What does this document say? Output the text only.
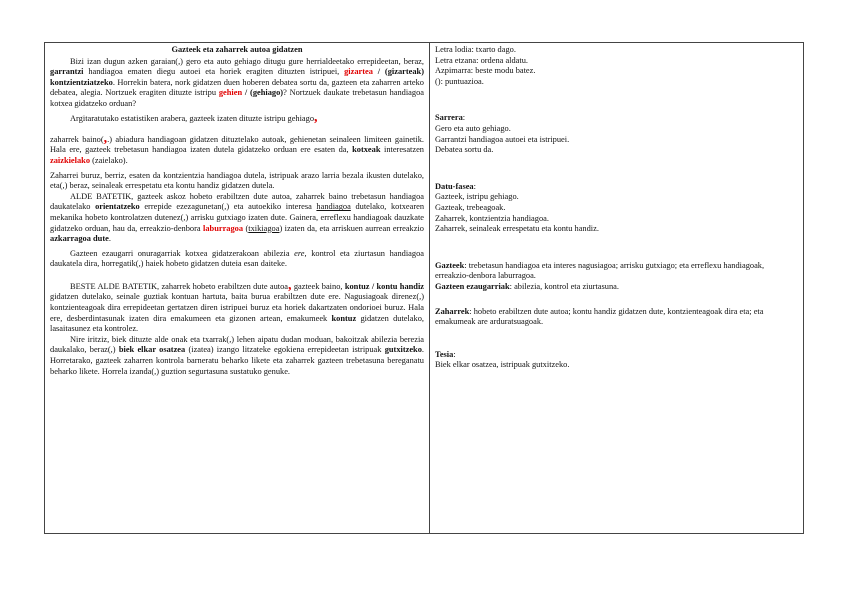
Gazteek eta zaharrek autoa gidatzen

Bizi izan dugun azken garaian(,) gero eta auto gehiago ditugu gure herrialdeetako errepideetan, beraz, garrantzi handiagoa ematen diegu autoei eta horiek eragiten dituzten istripuei, gizartea / (gizarteak) kontzientziatzeko. Horrekin batera, nork gidatzen duen hoberen debatea sortu da, gazteen eta zaharren arteko debatea, alegia. Nortzuek eragiten dituzte istripu gehien / (gehiago)? Nortzuek daukate trebetasun handiagoa kotxea gidatzeko orduan?

Argitaratutako estatistiken arabera, gazteek izaten dituzte istripu gehiago,

zaharrek baino(,.) abiadura handiagoan gidatzen dituztelako autoak, gehienetan seinaleen limiteen gainetik. Hala ere, gazteek trebetasun handiagoa izaten dutela gidatzeko orduan ere esaten da, kotxeak interesatzen zaizkielako (zaielako).

Zaharrei buruz, berriz, esaten da kontzientzia handiagoa dutela, istripuak arazo larria bezala ikusten dutelako, eta(,) beraz, seinaleak errespetatu eta kontu handiz gidatzen dutela.

ALDE BATETIK, gazteek askoz hobeto erabiltzen dute autoa, zaharrek baino trebetasun handiagoa daukatelako orientatzeko errepide ezezagunetan(,) eta autoekiko interesa handiagoa dutelako, kotxearen mekanika hobeto kontrolatzen dutenez(,) arrisku gutxiago izaten dute. Gainera, erreflexu handiagoak dauzkate gidatzeko orduan, hau da, erreakzio-denbora laburragoa (txikiagoa) izaten da, eta arriskuen aurrean erreakzio azkarragoa dute.

Gazteen ezaugarri onuragarriak kotxea gidatzerakoan abilezia ere, kontrol eta ziurtasun handiagoa daukatela dira, horregatik(,) haiek hobeto gidatzen duteia esan daiteke.

BESTE ALDE BATETIK, zaharrek hobeto erabiltzen dute autoa, gazteek baino, kontuz / kontu handiz gidatzen dutelako, seinale guztiak kontuan hartuta, baita burua erabiltzen dute ere. Nagusiagoak direnez(,) kontzienteagoak dira errepideetan gertatzen diren istripuei buruz eta horiek dakartzaten ondorioei buruz. Hala ere, desberdintasunak izaten dira emakumeen eta gizonen artean, emakumeek kontuz gidatzen dutelako, lasaitasunez eta kontrolez.

Nire iritziz, biek dituzte alde onak eta txarrak(,) lehen aipatu dudan moduan, bakoitzak abilezia berezia daukalako, beraz(,) biek elkar osatzea (izatea) izango litzateke egokiena errepideetan istripuak gutxitzeko. Horretarako, gazteek zaharren kontrola barneratu beharko likete eta zaharrek gazteen trebetasuna bereganatu beharko likete. Horrela izanda(,) guztion segurtasuna sustatuko genuke.

Letra lodia: txarto dago.
Letra etzana: ordena aldatu.
Azpimarra: beste modu batez.
(): puntuazioa.
Sarrera:
Gero eta auto gehiago.
Garrantzi handiagoa autoei eta istripuei.
Debatea sortu da.
Datu-fasea:
Gazteek, istripu gehiago.
Gazteak, trebeagoak.
Zaharrek, kontzientzia handiagoa.
Zaharrek, seinaleak errespetatu eta kontu handiz.
Gazteek: trebetasun handiagoa eta interes nagusiagoa; arrisku gutxiago; eta erreflexu handiagoak, erreakzio-denbora laburragoa.
Gazteen ezaugarriak: abilezia, kontrol eta ziurtasuna.
Zaharrek: hobeto erabiltzen dute autoa; kontu handiz gidatzen dute, kontzienteagoak dira eta; eta emakumeak are arduratsuagoak.
Tesia:
Biek elkar osatzea, istripuak gutxitzeko.
